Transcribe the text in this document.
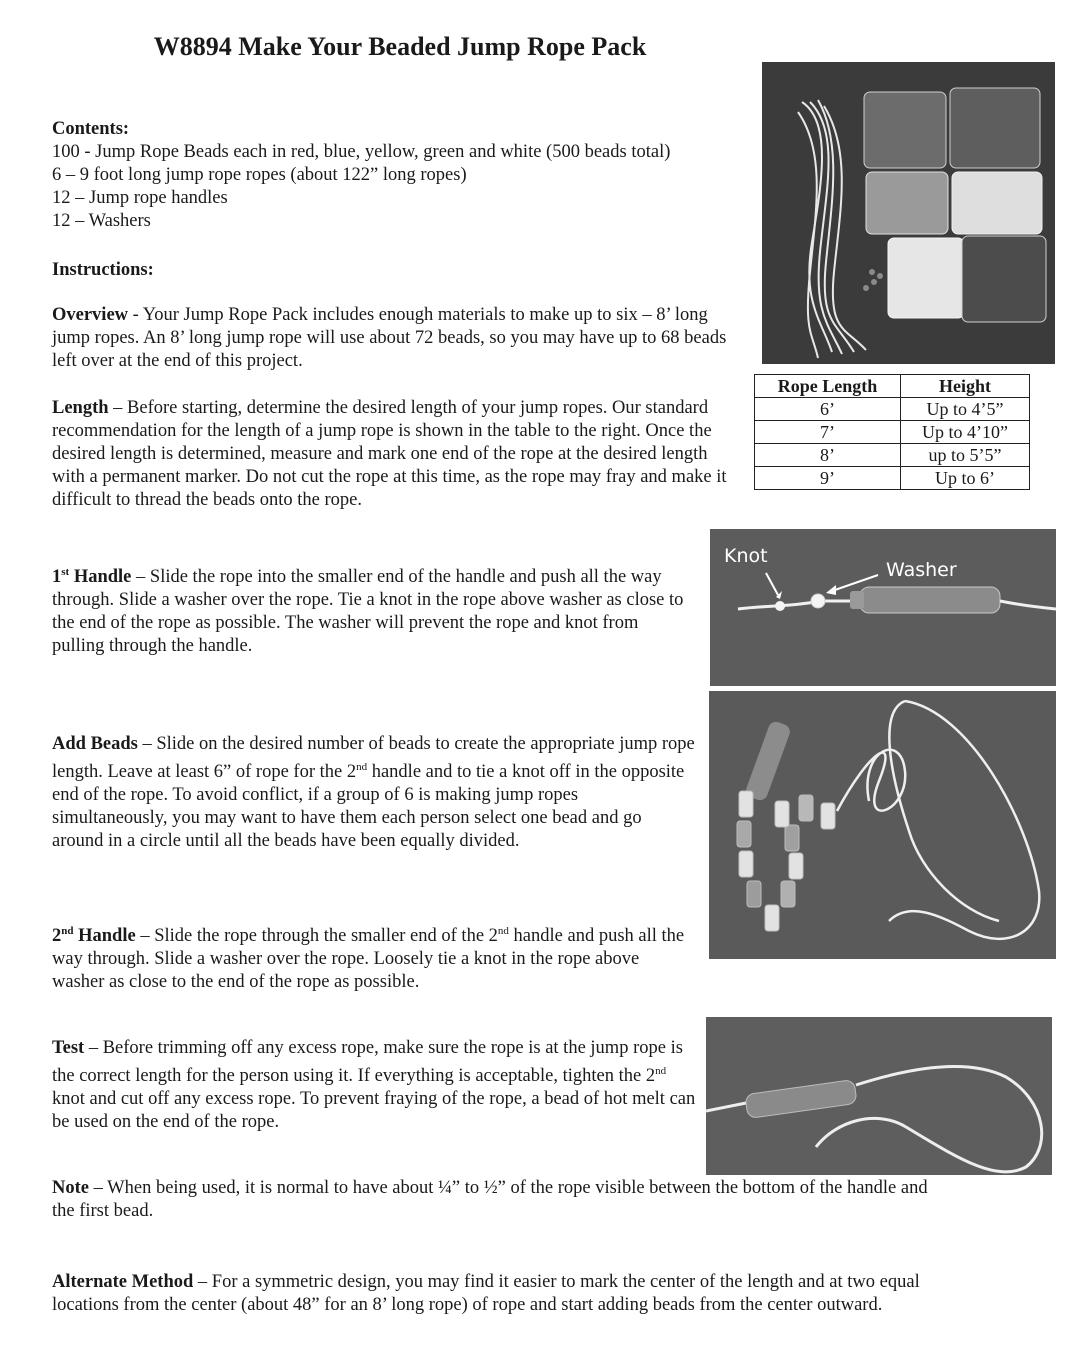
W8894 Make Your Beaded Jump Rope Pack
Contents:
100 - Jump Rope Beads each in red, blue, yellow, green and white (500 beads total)
6 – 9 foot long jump rope ropes (about 122” long ropes)
12 – Jump rope handles
12 – Washers
Instructions:

Overview - Your Jump Rope Pack includes enough materials to make up to six – 8’ long jump ropes. An 8’ long jump rope will use about 72 beads, so you may have up to 68 beads left over at the end of this project.

Length – Before starting, determine the desired length of your jump ropes. Our standard recommendation for the length of a jump rope is shown in the table to the right. Once the desired length is determined, measure and mark one end of the rope at the desired length with a permanent marker. Do not cut the rope at this time, as the rope may fray and make it difficult to thread the beads onto the rope.

Rope Length	Height
6’	Up to 4’5”
7’	Up to 4’10”
8’	up to 5’5”
9’	Up to 6’

1st Handle – Slide the rope into the smaller end of the handle and push all the way through. Slide a washer over the rope. Tie a knot in the rope above washer as close to the end of the rope as possible. The washer will prevent the rope and knot from pulling through the handle.

Knot
Washer

Add Beads – Slide on the desired number of beads to create the appropriate jump rope length. Leave at least 6” of rope for the 2nd handle and to tie a knot off in the opposite end of the rope. To avoid conflict, if a group of 6 is making jump ropes simultaneously, you may want to have them each person select one bead and go around in a circle until all the beads have been equally divided.

2nd Handle – Slide the rope through the smaller end of the 2nd handle and push all the way through. Slide a washer over the rope. Loosely tie a knot in the rope above washer as close to the end of the rope as possible.

Test – Before trimming off any excess rope, make sure the rope is at the jump rope is the correct length for the person using it. If everything is acceptable, tighten the 2nd knot and cut off any excess rope. To prevent fraying of the rope, a bead of hot melt can be used on the end of the rope.

Note – When being used, it is normal to have about ¼” to ½” of the rope visible between the bottom of the handle and the first bead.

Alternate Method – For a symmetric design, you may find it easier to mark the center of the length and at two equal locations from the center (about 48” for an 8’ long rope) of rope and start adding beads from the center outward.
